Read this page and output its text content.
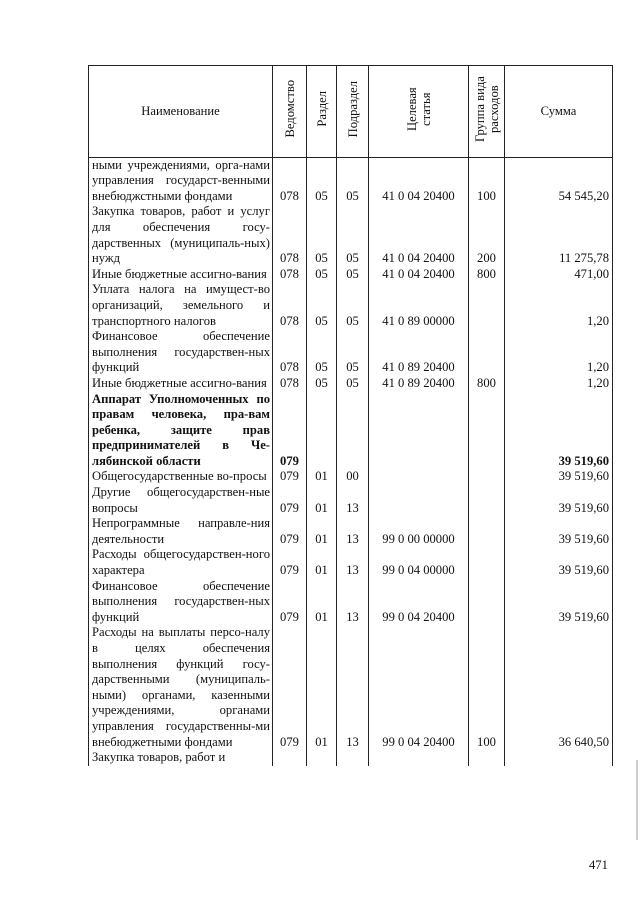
Наименование	Ведомство	Раздел	Подраздел	Целевая статья	Группа вида расходов	Сумма
ными учреждениями, орга-нами управления государст-венными внебюджстными фондами	078	05	05	41 0 04 20400	100	54 545,20
Закупка товаров, работ и услуг для обеспечения госу-дарственных (муниципаль-ных) нужд	078	05	05	41 0 04 20400	200	11 275,78
Иные бюджетные ассигно-вания	078	05	05	41 0 04 20400	800	471,00
Уплата налога на имущест-во организаций, земельного и транспортного налогов	078	05	05	41 0 89 00000		1,20
Финансовое обеспечение выполнения государствен-ных функций	078	05	05	41 0 89 20400		1,20
Иные бюджетные ассигно-вания	078	05	05	41 0 89 20400	800	1,20
Аппарат Уполномоченных по правам человека, пра-вам ребенка, защите прав предпринимателей в Че-лябинской области	079					39 519,60
Общегосударственные во-просы	079	01	00			39 519,60
Другие общегосударствен-ные вопросы	079	01	13			39 519,60
Непрограммные направле-ния деятельности	079	01	13	99 0 00 00000		39 519,60
Расходы общегосударствен-ного характера	079	01	13	99 0 04 00000		39 519,60
Финансовое обеспечение выполнения государствен-ных функций	079	01	13	99 0 04 20400		39 519,60
Расходы на выплаты персо-налу в целях обеспечения выполнения функций госу-дарственными (муниципаль-ными) органами, казенными учреждениями, органами управления государственны-ми внебюджетными фондами	079	01	13	99 0 04 20400	100	36 640,50
Закупка товаров, работ и						
471
